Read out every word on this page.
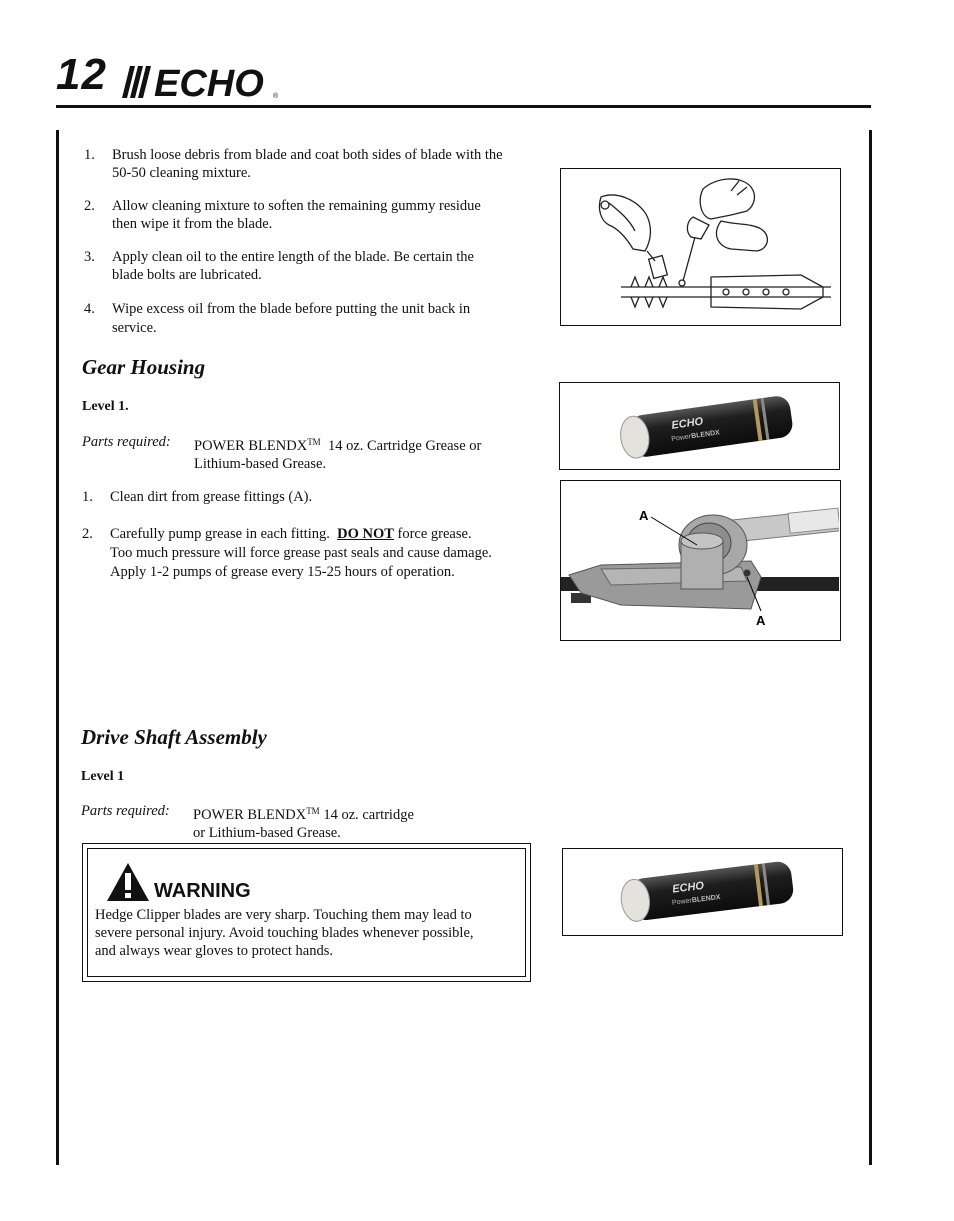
12 ECHO ®
1.	Brush loose debris from blade and coat both sides of blade with the
50-50 cleaning mixture.
2.	Allow cleaning mixture to soften the remaining gummy residue
then wipe it from the blade.
3.	Apply clean oil to the entire length of the blade. Be certain the
blade bolts are lubricated.
4.	Wipe excess oil from the blade before putting the unit back in
service.
Gear Housing
Level 1.
Parts required: POWER BLENDX™  14 oz. Cartridge Grease or
Lithium-based Grease.
ECHO
Power BLENDX
1.	Clean dirt from grease fittings (A).
2.	Carefully pump grease in each fitting.  DO NOT force grease.
Too much pressure will force grease past seals and cause damage.
Apply 1-2 pumps of grease every 15-25 hours of operation.
A
A
Drive Shaft Assembly
Level 1
Parts required: POWER BLENDX™ 14 oz. cartridge
or Lithium-based Grease.
WARNING
Hedge Clipper blades are very sharp. Touching them may lead to
severe personal injury. Avoid touching blades whenever possible,
and always wear gloves to protect hands.
ECHO
Power BLENDX
